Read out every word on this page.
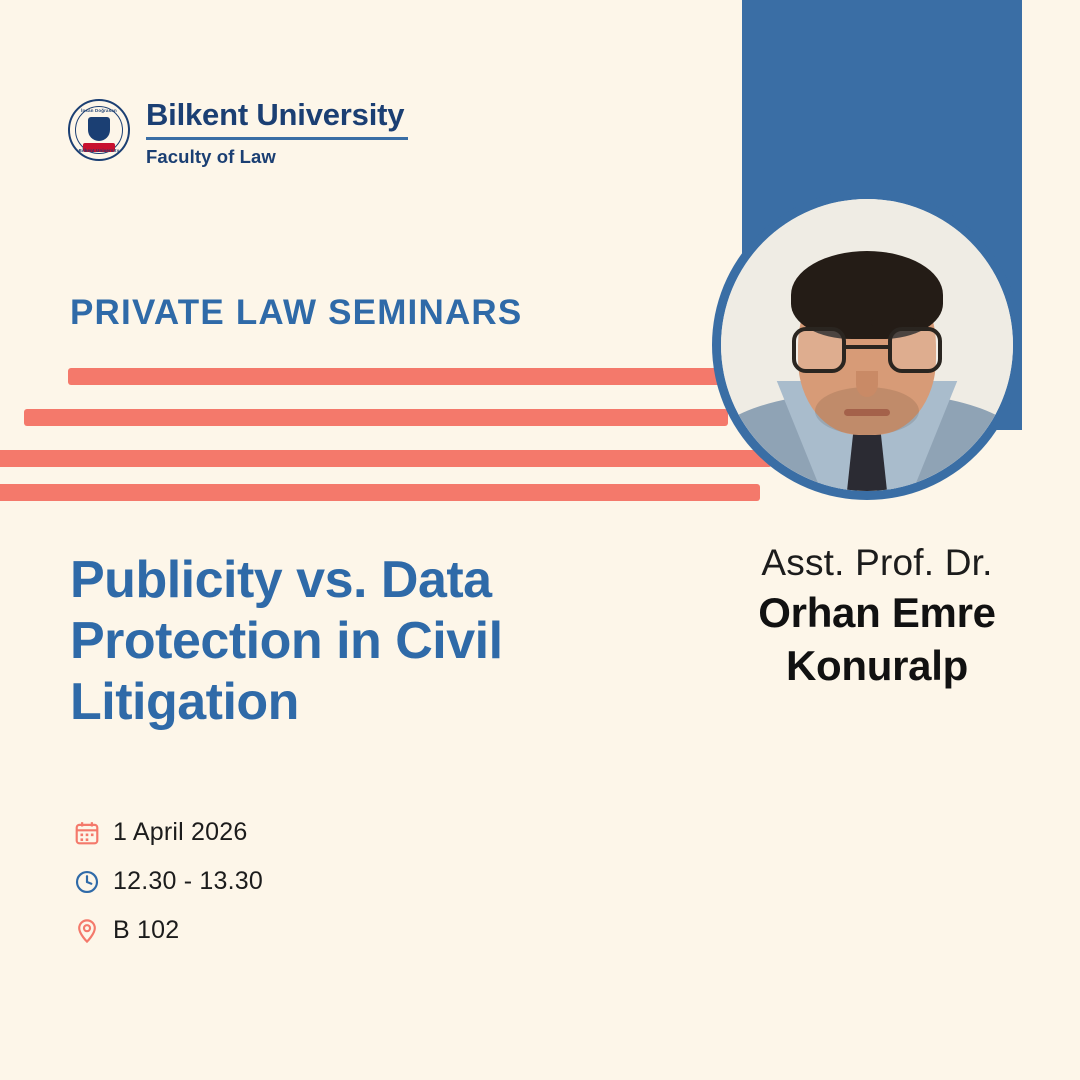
İnsan Doğrasan
Bilkent University
Bilkent University
Faculty of Law
PRIVATE LAW SEMINARS
Publicity vs. Data Protection in Civil Litigation
1 April 2026
12.30 - 13.30
B 102
Asst. Prof. Dr.
Orhan Emre
Konuralp
